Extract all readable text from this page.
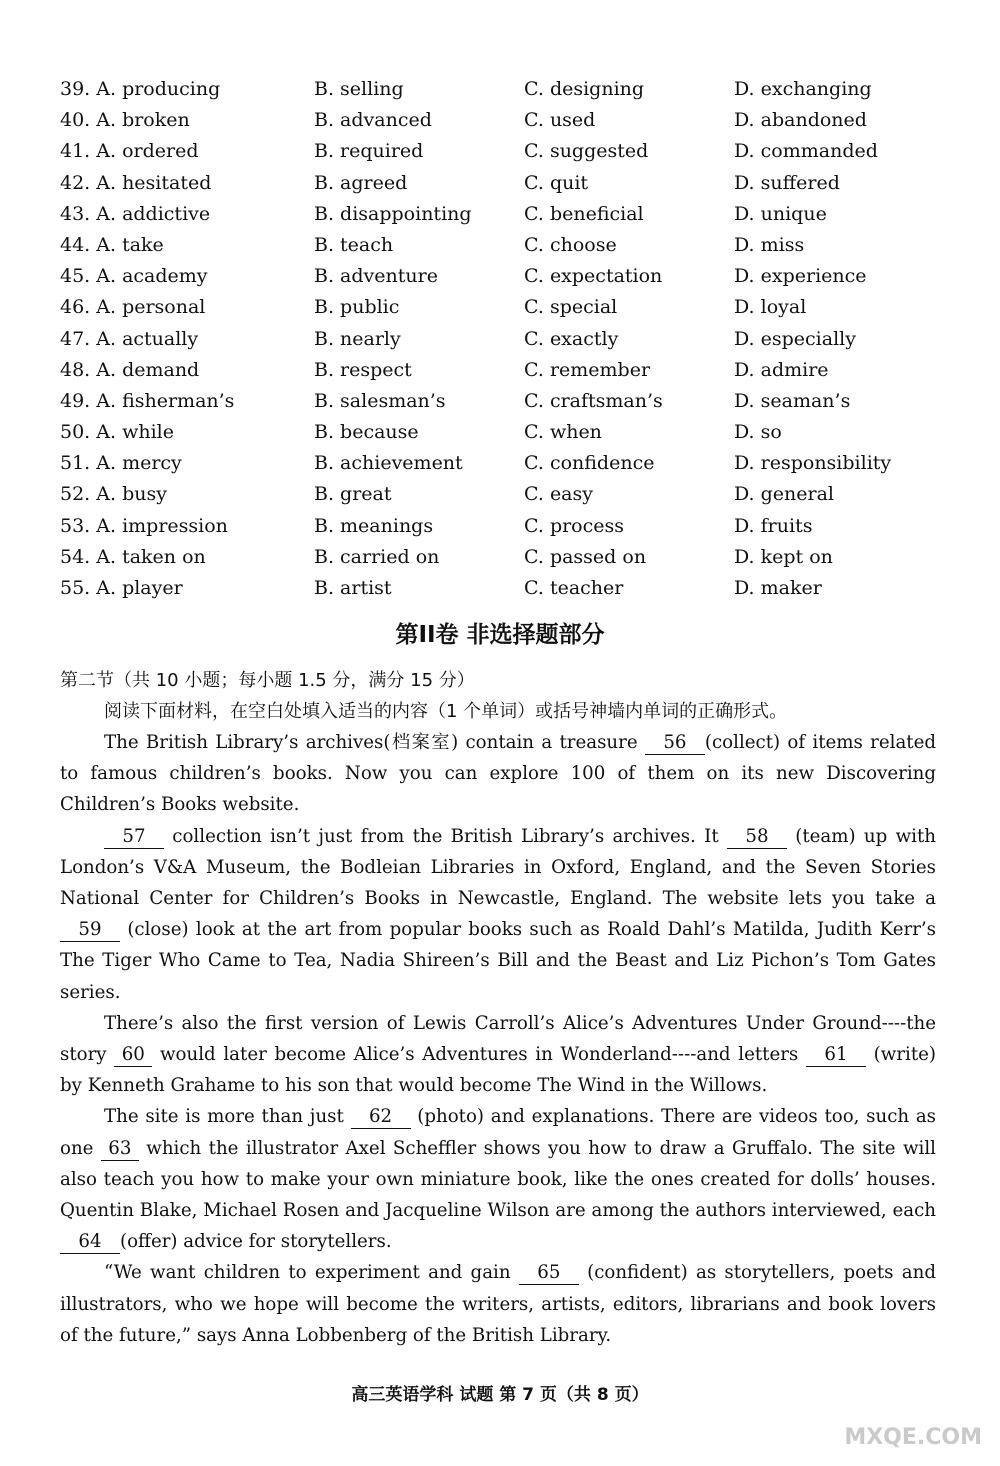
39. A. producing	B. selling	C. designing	D. exchanging
40. A. broken	B. advanced	C. used	D. abandoned
41. A. ordered	B. required	C. suggested	D. commanded
42. A. hesitated	B. agreed	C. quit	D. suffered
43. A. addictive	B. disappointing	C. beneficial	D. unique
44. A. take	B. teach	C. choose	D. miss
45. A. academy	B. adventure	C. expectation	D. experience
46. A. personal	B. public	C. special	D. loyal
47. A. actually	B. nearly	C. exactly	D. especially
48. A. demand	B. respect	C. remember	D. admire
49. A. fisherman’s	B. salesman’s	C. craftsman’s	D. seaman’s
50. A. while	B. because	C. when	D. so
51. A. mercy	B. achievement	C. confidence	D. responsibility
52. A. busy	B. great	C. easy	D. general
53. A. impression	B. meanings	C. process	D. fruits
54. A. taken on	B. carried on	C. passed on	D. kept on
55. A. player	B. artist	C. teacher	D. maker
第II卷 非选择题部分
第二节（共 10 小题；每小题 1.5 分，满分 15 分）
阅读下面材料，在空白处填入适当的内容（1 个单词）或括号神墙内单词的正确形式。

The British Library’s archives(档案室) contain a treasure 56 (collect) of items related to famous children’s books. Now you can explore 100 of them on its new Discovering Children’s Books website.

57 collection isn’t just from the British Library’s archives. It 58 (team) up with London’s V&A Museum, the Bodleian Libraries in Oxford, England, and the Seven Stories National Center for Children’s Books in Newcastle, England. The website lets you take a 59 (close) look at the art from popular books such as Roald Dahl’s Matilda, Judith Kerr’s The Tiger Who Came to Tea, Nadia Shireen’s Bill and the Beast and Liz Pichon’s Tom Gates series.

There’s also the first version of Lewis Carroll’s Alice’s Adventures Under Ground----the story 60 would later become Alice’s Adventures in Wonderland----and letters 61 (write) by Kenneth Grahame to his son that would become The Wind in the Willows.

The site is more than just 62 (photo) and explanations. There are videos too, such as one 63 which the illustrator Axel Scheffler shows you how to draw a Gruffalo. The site will also teach you how to make your own miniature book, like the ones created for dolls’ houses. Quentin Blake, Michael Rosen and Jacqueline Wilson are among the authors interviewed, each 64 (offer) advice for storytellers.

“We want children to experiment and gain 65 (confident) as storytellers, poets and illustrators, who we hope will become the writers, artists, editors, librarians and book lovers of the future,” says Anna Lobbenberg of the British Library.

高三英语学科 试题 第 7 页（共 8 页）
MXQE.COM
